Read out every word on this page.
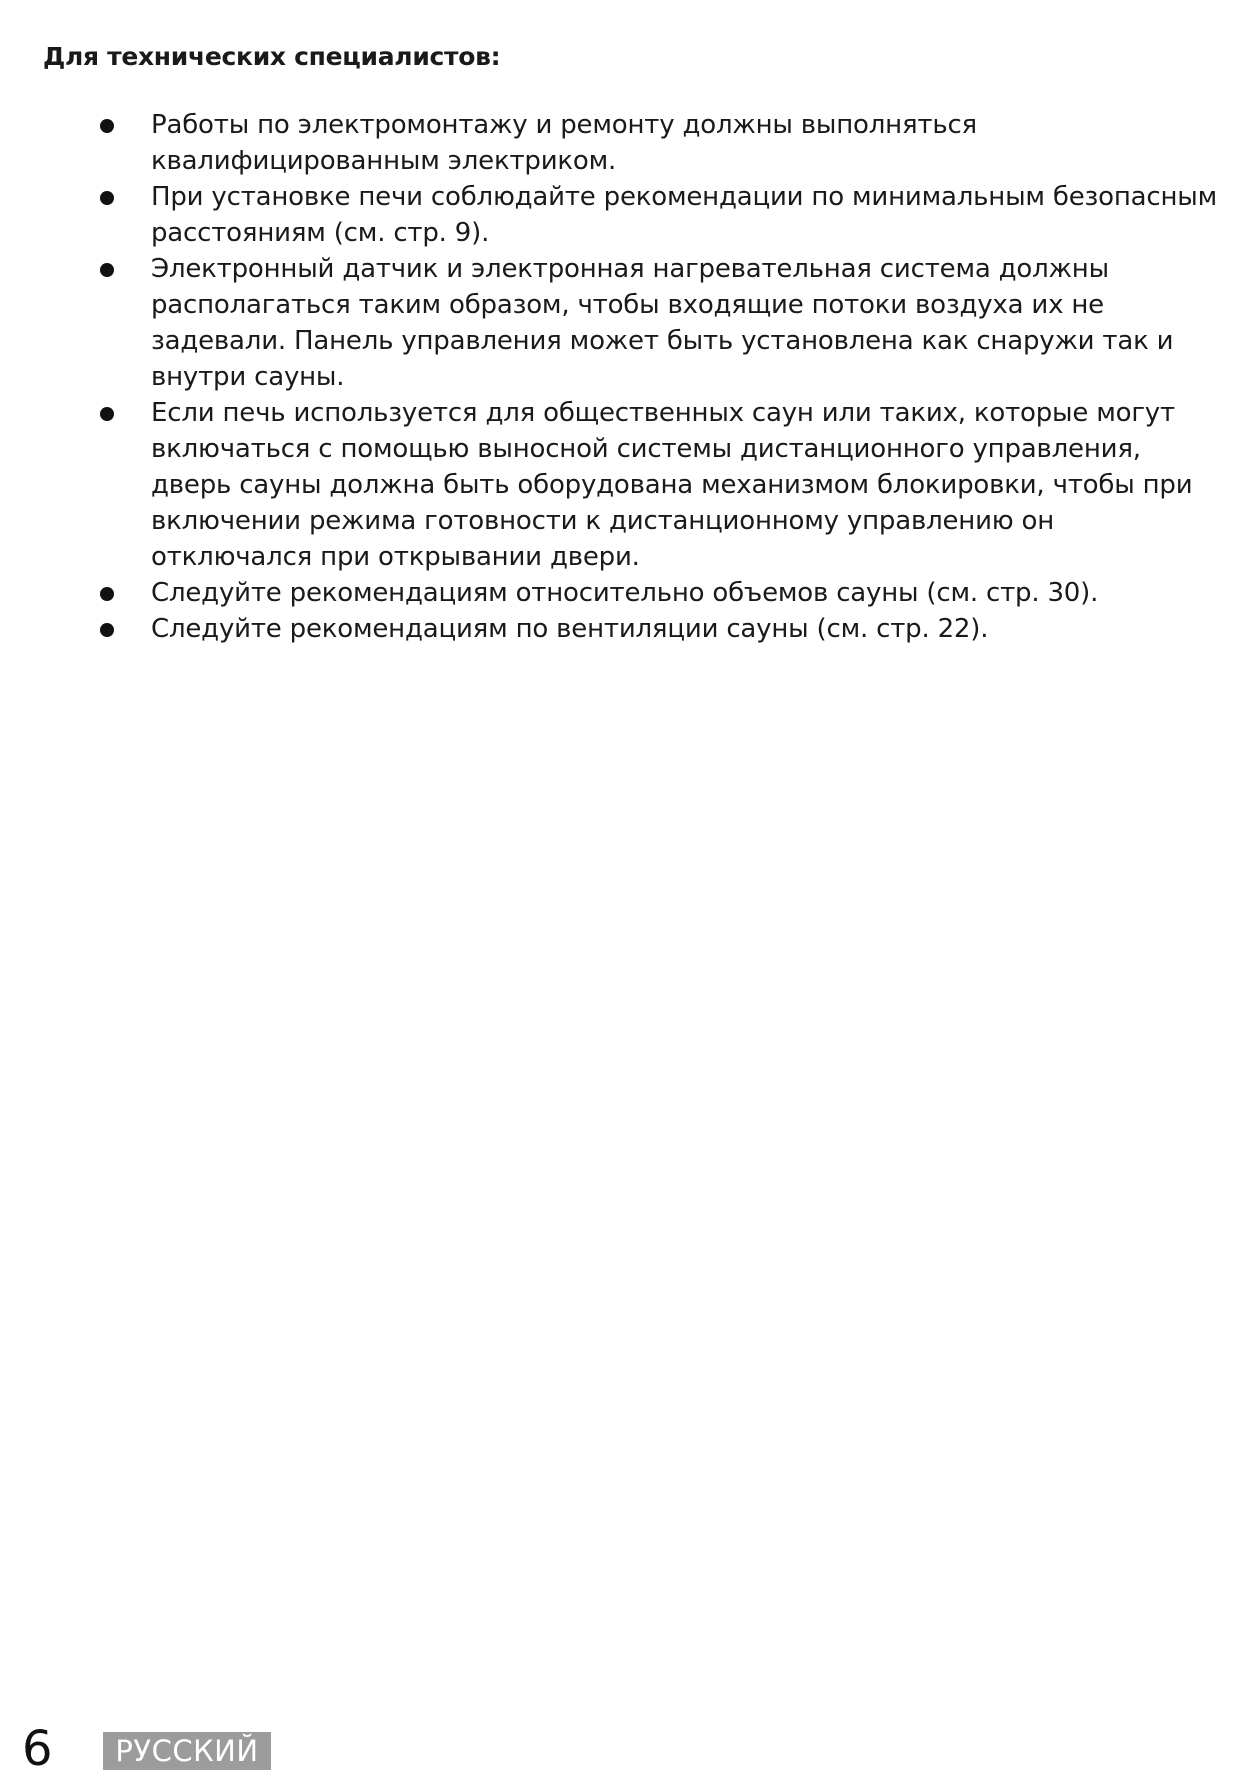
Для технических специалистов:
Работы по электромонтажу и ремонту должны выполняться квалифицированным электриком.
При установке печи соблюдайте рекомендации по минимальным безопасным расстояниям (см. стр. 9).
Электронный датчик и электронная нагревательная система должны располагаться таким образом, чтобы входящие потоки воздуха их не задевали. Панель управления может быть установлена как снаружи так и внутри сауны.
Если печь используется для общественных саун или таких, которые могут включаться с помощью выносной системы дистанционного управления, дверь сауны должна быть оборудована механизмом блокировки, чтобы при включении режима готовности к дистанционному управлению он отключался при открывании двери.
Следуйте рекомендациям относительно объемов сауны (см. стр. 30).
Следуйте рекомендациям по вентиляции сауны (см. стр. 22).
6	РУССКИЙ
